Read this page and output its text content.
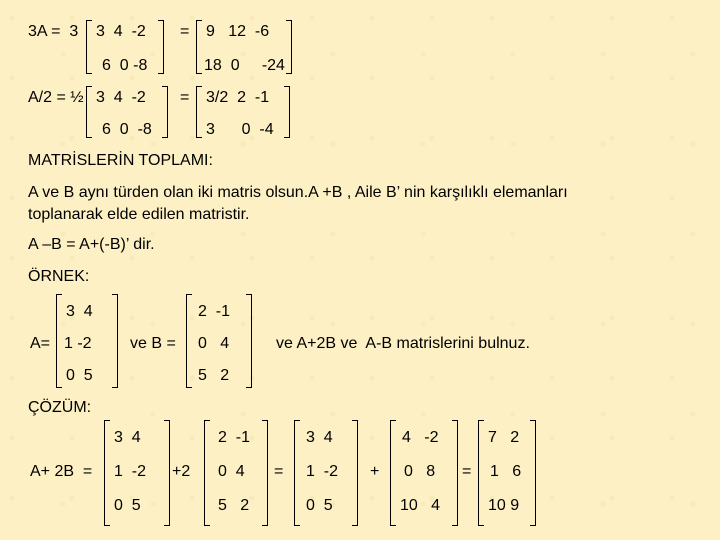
3A =  3 3  4  -2
6  0 -8
= 9   12  -6
18  0     -24
A/2 = ½ 3  4  -2
6  0  -8
= 3/2  2  -1
3      0  -4
MATRİSLERİN TOPLAMI:
A ve B aynı türden olan iki matris olsun.A +B , Aile B’ nin karşılıklı elemanları
toplanarak elde edilen matristir.
A –B = A+(-B)’ dir.
ÖRNEK:
3  4
A= 1 -2
0  5
ve B =
2  -1
0   4
5   2
ve A+2B ve  A-B matrislerini bulnuz.
ÇÖZÜM:
A+ 2B  =
3  4
1  -2
0  5
+2
2  -1
0  4
5   2
=
3  4
1  -2
0  5
+
4   -2
0   8
10   4
=
7   2
1   6
10 9
